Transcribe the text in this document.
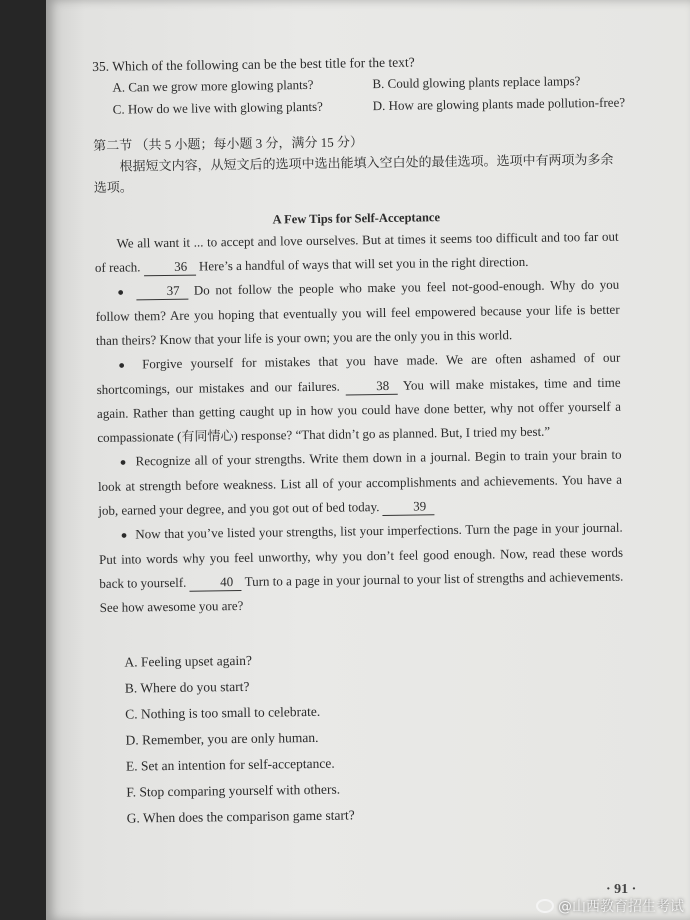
35. Which of the following can be the best title for the text?
A. Can we grow more glowing plants?	B. Could glowing plants replace lamps?
C. How do we live with glowing plants?	D. How are glowing plants made pollution-free?
第二节 （共 5 小题；每小题 3 分，满分 15 分）
根据短文内容，从短文后的选项中选出能填入空白处的最佳选项。选项中有两项为多余选项。
A Few Tips for Self-Acceptance
We all want it ... to accept and love ourselves. But at times it seems too difficult and too far out of reach.	36 Here’s a handful of ways that will set you in the right direction.
●	37 Do not follow the people who make you feel not-good-enough. Why do you follow them? Are you hoping that eventually you will feel empowered because your life is better than theirs? Know that your life is your own; you are the only you in this world.
● Forgive yourself for mistakes that you have made. We are often ashamed of our shortcomings, our mistakes and our failures.	38 You will make mistakes, time and time again. Rather than getting caught up in how you could have done better, why not offer yourself a compassionate (有同情心) response? “That didn’t go as planned. But, I tried my best.”
● Recognize all of your strengths. Write them down in a journal. Begin to train your brain to look at strength before weakness. List all of your accomplishments and achievements. You have a job, earned your degree, and you got out of bed today.	39
● Now that you’ve listed your strengths, list your imperfections. Turn the page in your journal. Put into words why you feel unworthy, why you don’t feel good enough. Now, read these words back to yourself.	40 Turn to a page in your journal to your list of strengths and achievements. See how awesome you are?
A. Feeling upset again?
B. Where do you start?
C. Nothing is too small to celebrate.
D. Remember, you are only human.
E. Set an intention for self-acceptance.
F. Stop comparing yourself with others.
G. When does the comparison game start?
· 91 ·
@山西教育招生考试
